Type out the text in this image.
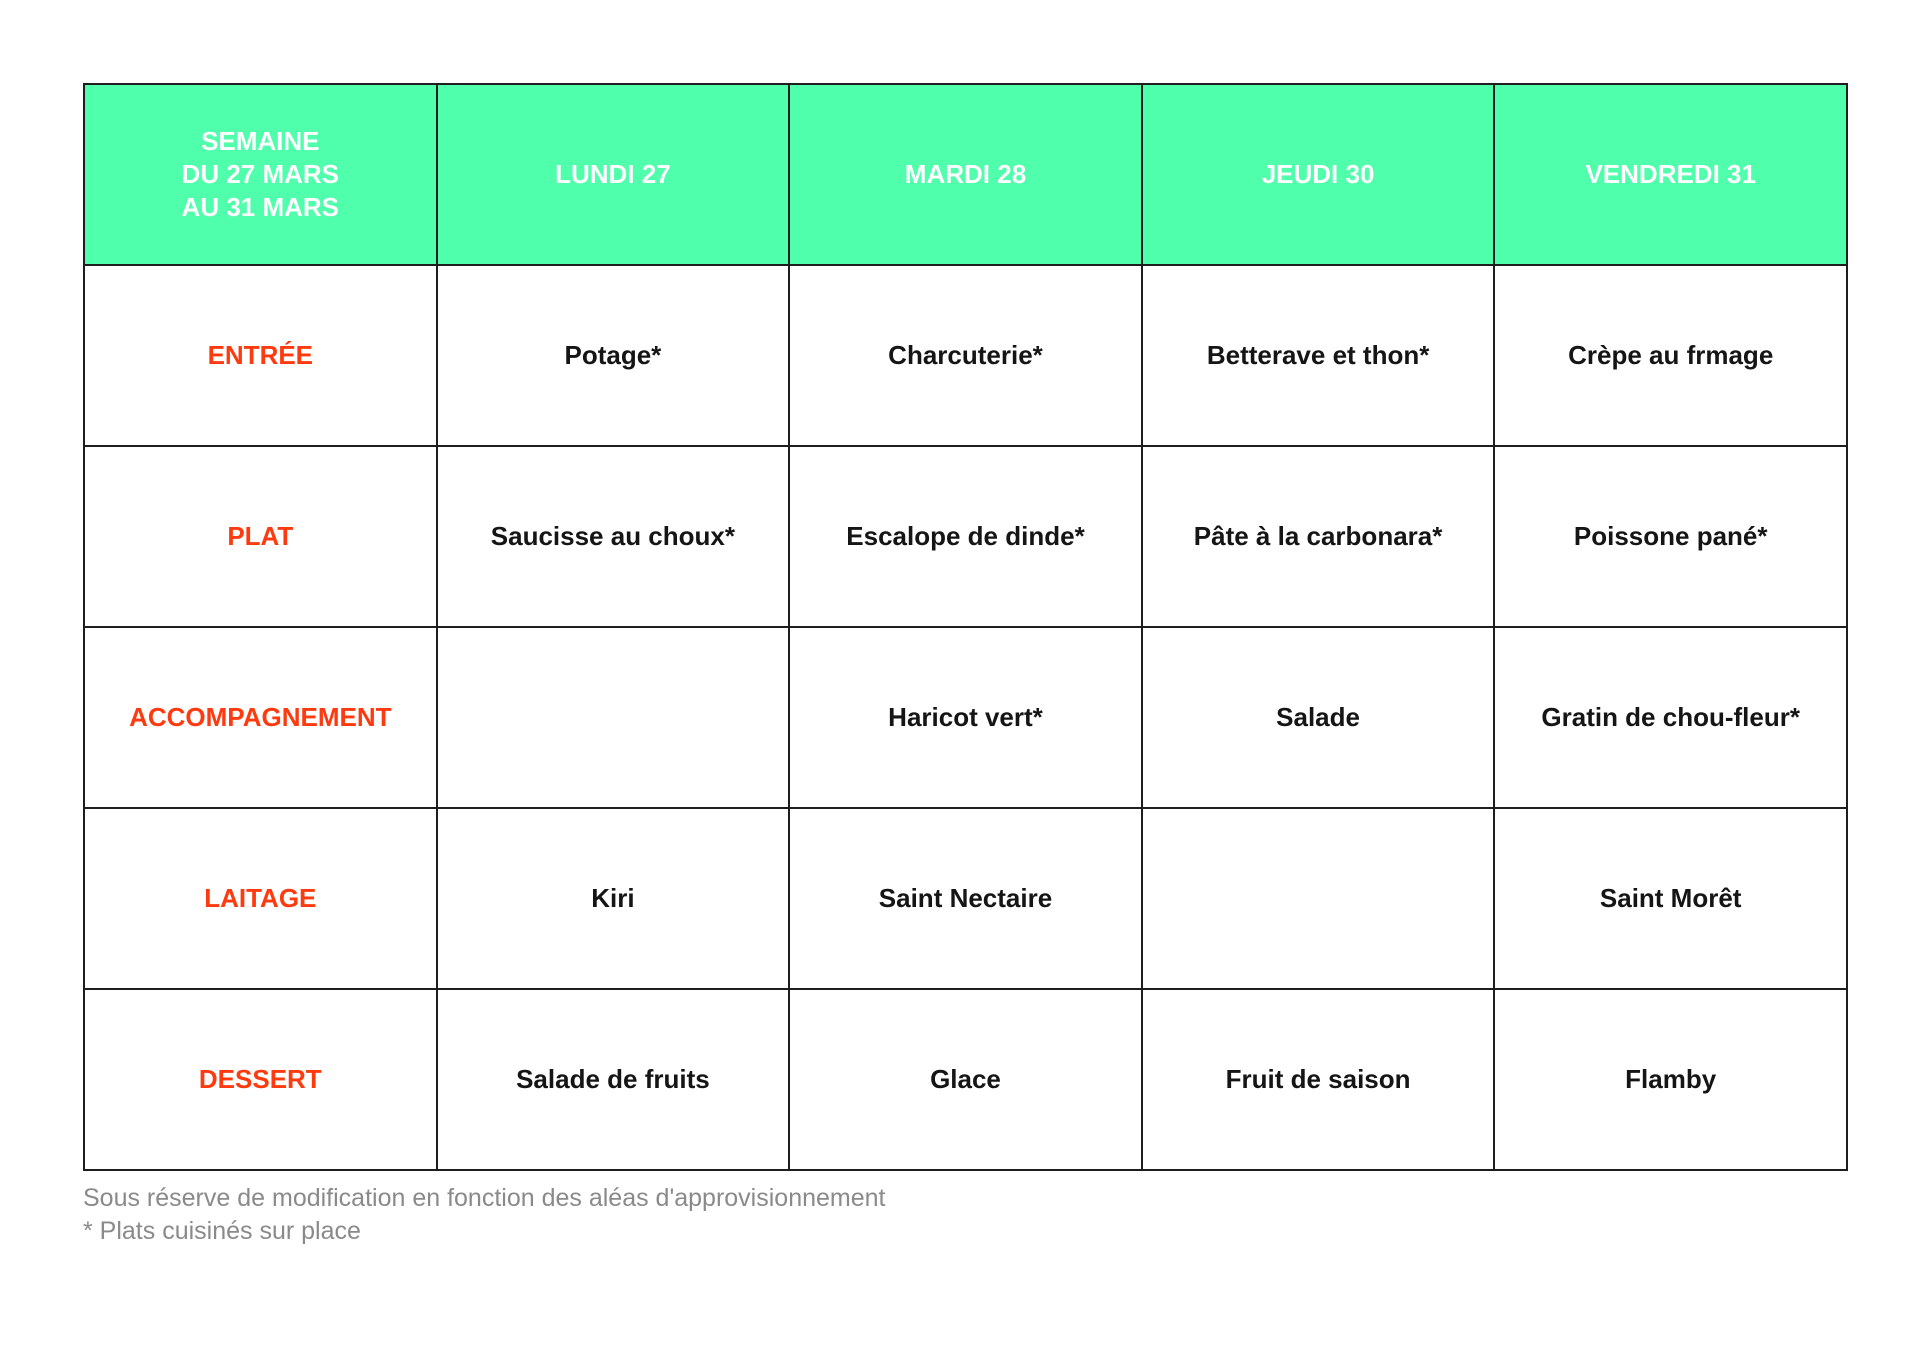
SEMAINE
DU 27 MARS
AU 31 MARS	LUNDI 27	MARDI 28	JEUDI 30	VENDREDI 31
ENTRÉE	Potage*	Charcuterie*	Betterave et thon*	Crèpe au frmage
PLAT	Saucisse au choux*	Escalope de dinde*	Pâte à la carbonara*	Poissone pané*
ACCOMPAGNEMENT		Haricot vert*	Salade	Gratin de chou-fleur*
LAITAGE	Kiri	Saint Nectaire		Saint Morêt
DESSERT	Salade de fruits	Glace	Fruit de saison	Flamby
Sous réserve de modification en fonction des aléas d'approvisionnement
* Plats cuisinés sur place
